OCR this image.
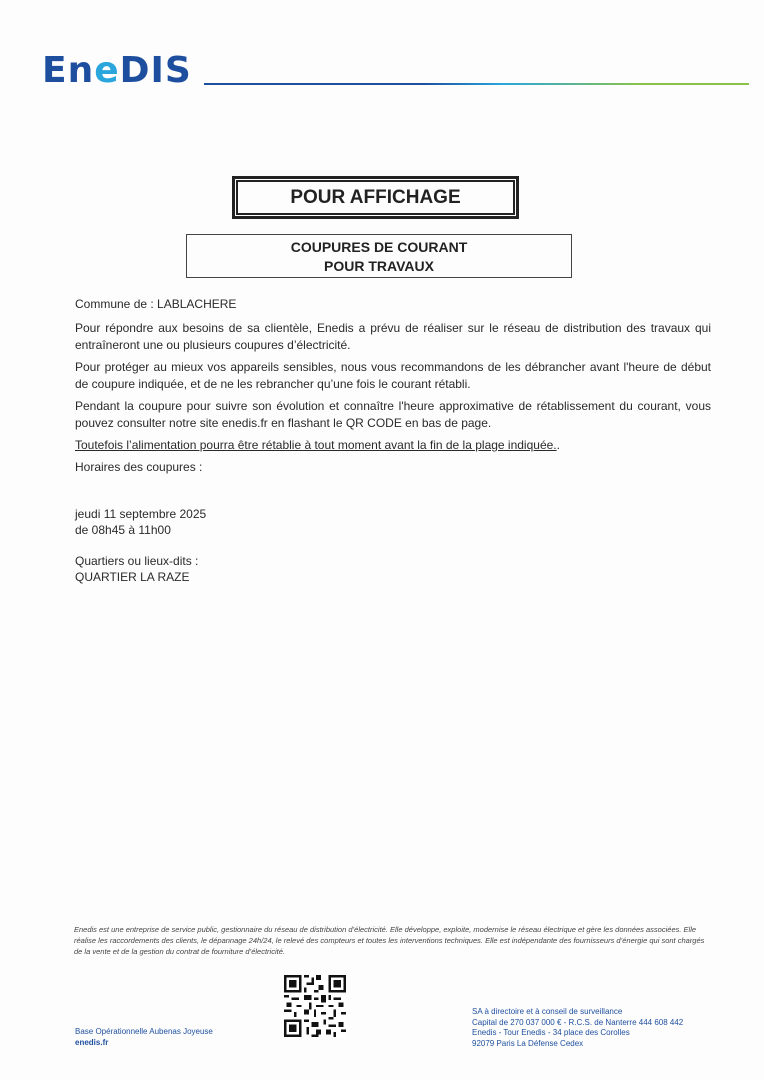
EneDIS
POUR AFFICHAGE
COUPURES DE COURANT
POUR TRAVAUX
Commune de : LABLACHERE
Pour répondre aux besoins de sa clientèle, Enedis a prévu de réaliser sur le réseau de distribution des travaux qui entraîneront une ou plusieurs coupures d’électricité.
Pour protéger au mieux vos appareils sensibles, nous vous recommandons de les débrancher avant l'heure de début de coupure indiquée, et de ne les rebrancher qu’une fois le courant rétabli.
Pendant la coupure pour suivre son évolution et connaître l'heure approximative de rétablissement du courant, vous pouvez consulter notre site enedis.fr en flashant le QR CODE en bas de page.
Toutefois l’alimentation pourra être rétablie à tout moment avant la fin de la plage indiquée..
Horaires des coupures :
jeudi 11 septembre 2025
de 08h45 à 11h00
Quartiers ou lieux-dits :
QUARTIER LA RAZE
Enedis est une entreprise de service public, gestionnaire du réseau de distribution d’électricité. Elle développe, exploite, modernise le réseau électrique et gère les données associées. Elle réalise les raccordements des clients, le dépannage 24h/24, le relevé des compteurs et toutes les interventions techniques. Elle est indépendante des fournisseurs d’énergie qui sont chargés de la vente et de la gestion du contrat de fourniture d’électricité.
Base Opérationnelle Aubenas Joyeuse
enedis.fr
SA à directoire et à conseil de surveillance
Capital de 270 037 000 € - R.C.S. de Nanterre 444 608 442
Enedis - Tour Enedis - 34 place des Corolles
92079 Paris La Défense Cedex
